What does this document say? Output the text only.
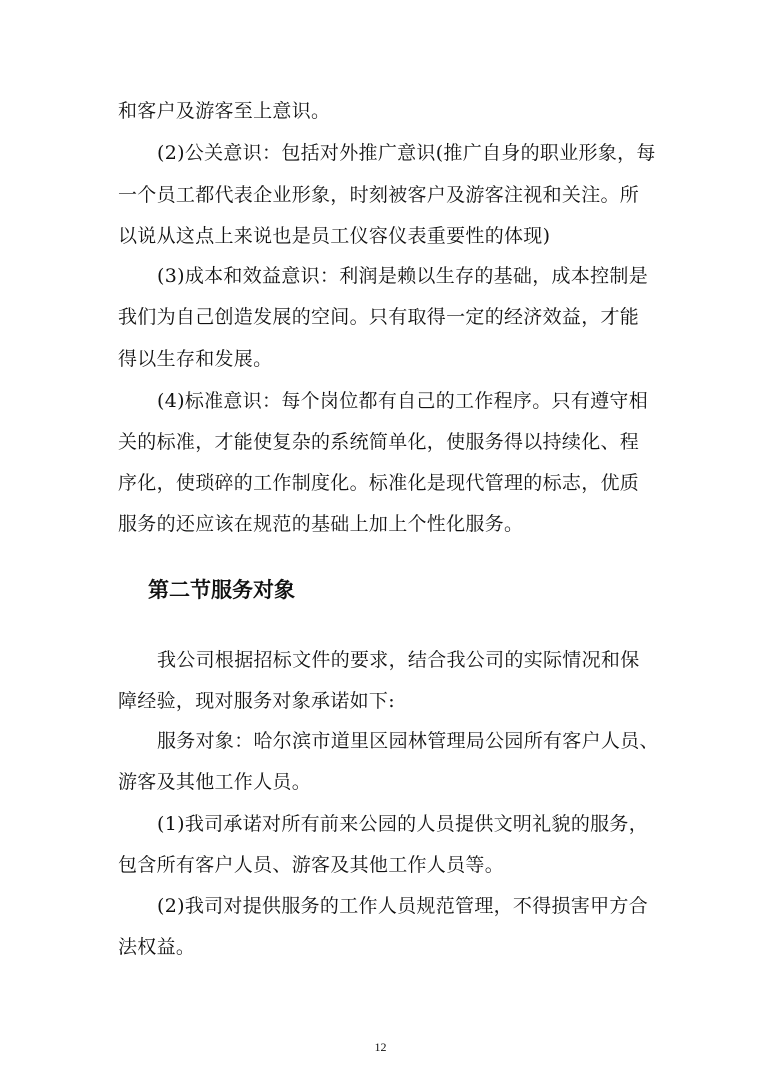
和客户及游客至上意识。
(2)公关意识：包括对外推广意识(推广自身的职业形象，每
一个员工都代表企业形象，时刻被客户及游客注视和关注。所
以说从这点上来说也是员工仪容仪表重要性的体现)
(3)成本和效益意识：利润是赖以生存的基础，成本控制是
我们为自己创造发展的空间。只有取得一定的经济效益，才能
得以生存和发展。
(4)标准意识：每个岗位都有自己的工作程序。只有遵守相
关的标准，才能使复杂的系统简单化，使服务得以持续化、程
序化，使琐碎的工作制度化。标准化是现代管理的标志，优质
服务的还应该在规范的基础上加上个性化服务。
第二节服务对象
我公司根据招标文件的要求，结合我公司的实际情况和保
障经验，现对服务对象承诺如下:
服务对象：哈尔滨市道里区园林管理局公园所有客户人员、
游客及其他工作人员。
(1)我司承诺对所有前来公园的人员提供文明礼貌的服务，
包含所有客户人员、游客及其他工作人员等。
(2)我司对提供服务的工作人员规范管理，不得损害甲方合
法权益。
12
